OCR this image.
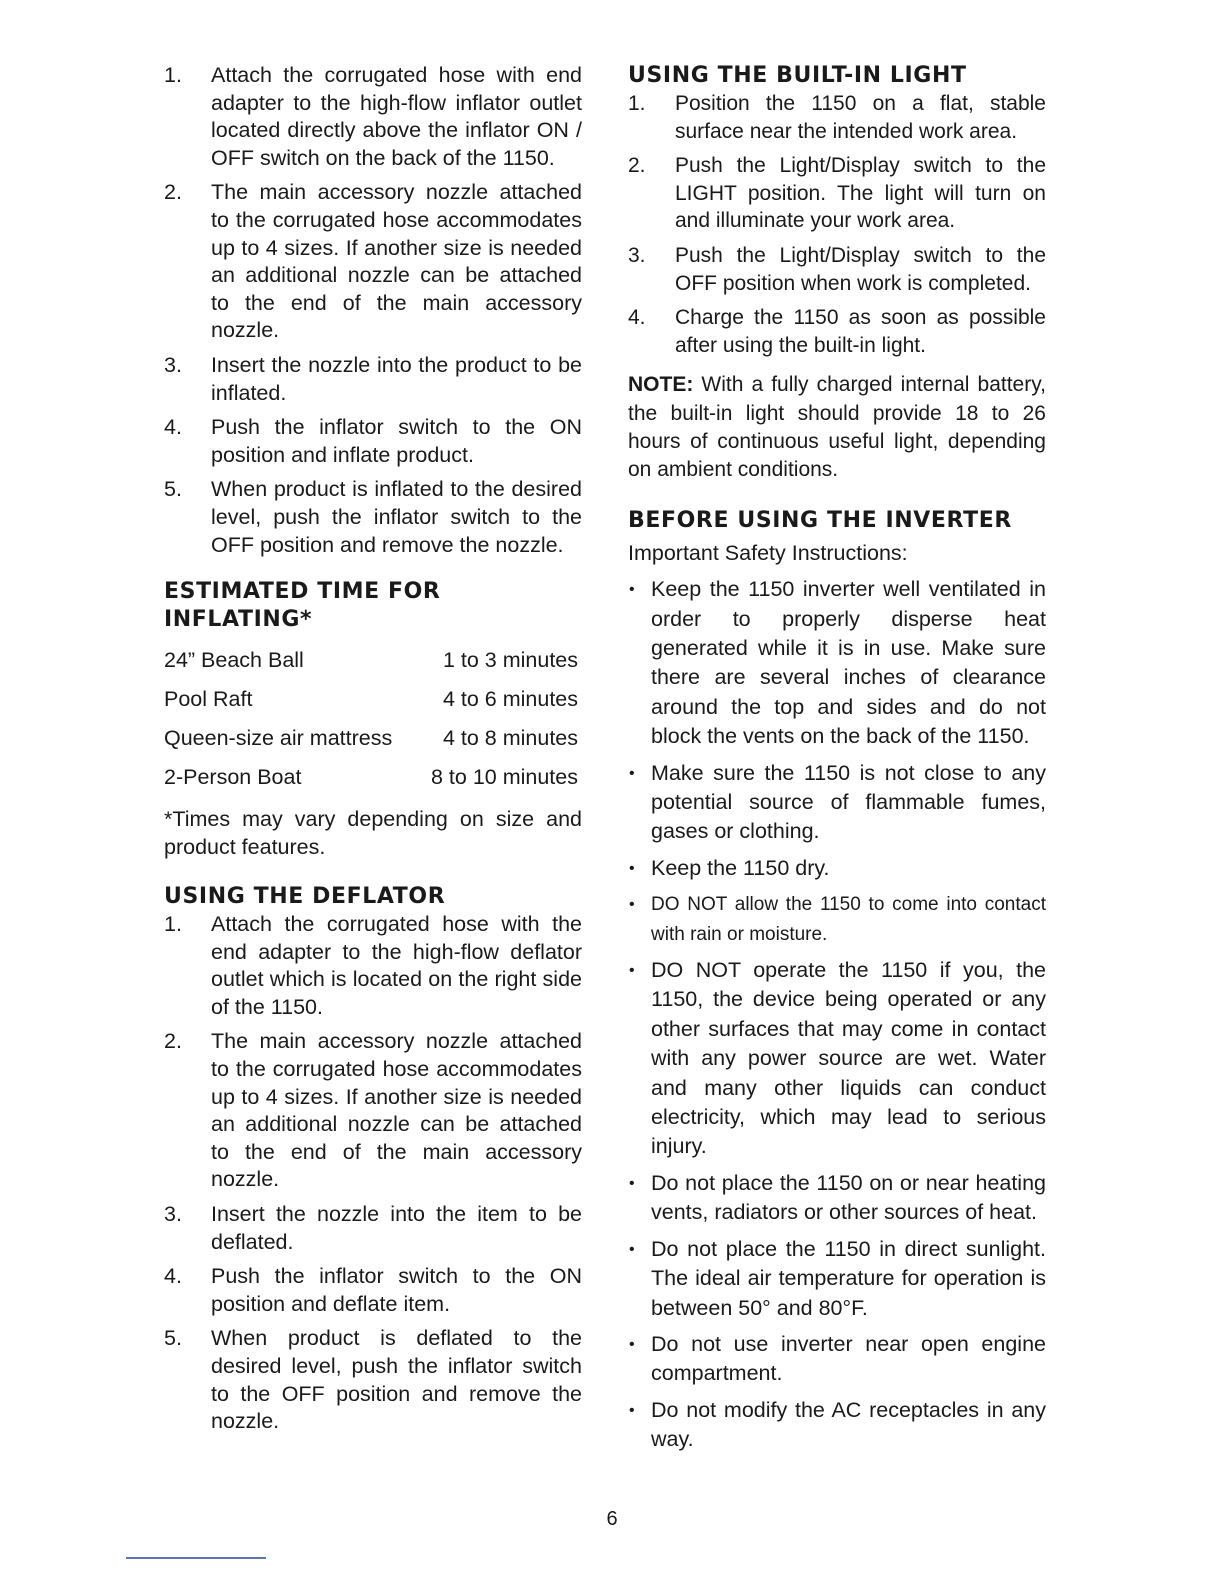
1. Attach the corrugated hose with end adapter to the high-flow inflator outlet located directly above the inflator ON / OFF switch on the back of the 1150.
2. The main accessory nozzle attached to the corrugated hose accommodates up to 4 sizes. If another size is needed an additional nozzle can be attached to the end of the main accessory nozzle.
3. Insert the nozzle into the product to be inflated.
4. Push the inflator switch to the ON position and inflate product.
5. When product is inflated to the desired level, push the inflator switch to the OFF position and remove the nozzle.
ESTIMATED TIME FOR
INFLATING*
24” Beach Ball	1 to 3 minutes
Pool Raft	4 to 6 minutes
Queen-size air mattress	4 to 8 minutes
2-Person Boat	8 to 10 minutes

*Times may vary depending on size and product features.

USING THE DEFLATOR
1. Attach the corrugated hose with the end adapter to the high-flow deflator outlet which is located on the right side of the 1150.
2. The main accessory nozzle attached to the corrugated hose accommodates up to 4 sizes. If another size is needed an additional nozzle can be attached to the end of the main accessory nozzle.
3. Insert the nozzle into the item to be deflated.
4. Push the inflator switch to the ON position and deflate item.
5. When product is deflated to the desired level, push the inflator switch to the OFF position and remove the nozzle.
USING THE BUILT-IN LIGHT
1. Position the 1150 on a flat, stable surface near the intended work area.
2. Push the Light/Display switch to the LIGHT position. The light will turn on and illuminate your work area.
3. Push the Light/Display switch to the OFF position when work is completed.
4. Charge the 1150 as soon as possible after using the built-in light.

NOTE: With a fully charged internal battery, the built-in light should provide 18 to 26 hours of continuous useful light, depending on ambient conditions.

BEFORE USING THE INVERTER

Important Safety Instructions:

• Keep the 1150 inverter well ventilated in order to properly disperse heat generated while it is in use. Make sure there are several inches of clearance around the top and sides and do not block the vents on the back of the 1150.
• Make sure the 1150 is not close to any potential source of flammable fumes, gases or clothing.
• Keep the 1150 dry.
• DO NOT allow the 1150 to come into contact with rain or moisture.
• DO NOT operate the 1150 if you, the 1150, the device being operated or any other surfaces that may come in contact with any power source are wet. Water and many other liquids can conduct electricity, which may lead to serious injury.
• Do not place the 1150 on or near heating vents, radiators or other sources of heat.
• Do not place the 1150 in direct sunlight. The ideal air temperature for operation is between 50° and 80°F.
• Do not use inverter near open engine compartment.
• Do not modify the AC receptacles in any way.
6
